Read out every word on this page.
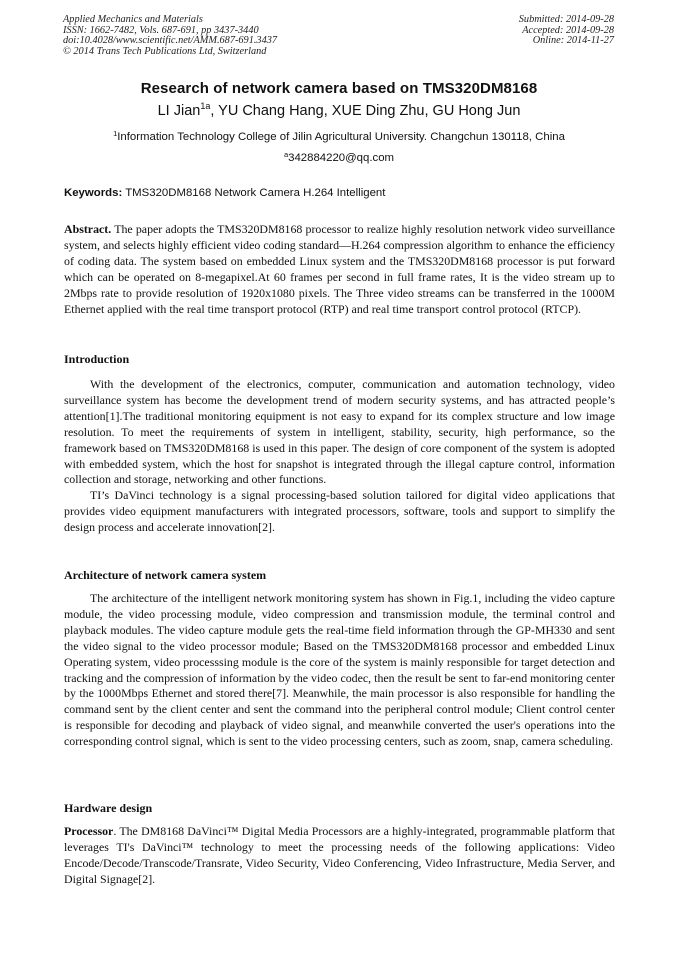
Applied Mechanics and Materials
ISSN: 1662-7482, Vols. 687-691, pp 3437-3440
doi:10.4028/www.scientific.net/AMM.687-691.3437
© 2014 Trans Tech Publications Ltd, Switzerland
Submitted: 2014-09-28
Accepted: 2014-09-28
Online: 2014-11-27
Research of network camera based on TMS320DM8168
LI Jian$^{1a}$, YU Chang Hang, XUE Ding Zhu, GU Hong Jun
$^1$Information Technology College of Jilin Agricultural University. Changchun 130118, China
$^a$342884220@qq.com
Keywords: TMS320DM8168 Network Camera H.264 Intelligent

Abstract. The paper adopts the TMS320DM8168 processor to realize highly resolution network video surveillance system, and selects highly efficient video coding standard—H.264 compression algorithm to enhance the efficiency of coding data. The system based on embedded Linux system and the TMS320DM8168 processor is put forward which can be operated on 8-megapixel.At 60 frames per second in full frame rates, It is the video stream up to 2Mbps rate to provide resolution of 1920x1080 pixels. The Three video streams can be transferred in the 1000M Ethernet applied with the real time transport protocol (RTP) and real time transport control protocol (RTCP).

Introduction

With the development of the electronics, computer, communication and automation technology, video surveillance system has become the development trend of modern security systems, and has attracted people’s attention[1].The traditional monitoring equipment is not easy to expand for its complex structure and low image resolution. To meet the requirements of system in intelligent, stability, security, high performance, so the framework based on TMS320DM8168 is used in this paper. The design of core component of the system is adopted with embedded system, which the host for snapshot is integrated through the illegal capture control, information collection and storage, networking and other functions.

TI’s DaVinci technology is a signal processing-based solution tailored for digital video applications that provides video equipment manufacturers with integrated processors, software, tools and support to simplify the design process and accelerate innovation[2].

Architecture of network camera system

The architecture of the intelligent network monitoring system has shown in Fig.1, including the video capture module, the video processing module, video compression and transmission module, the terminal control and playback modules. The video capture module gets the real-time field information through the GP-MH330 and sent the video signal to the video processor module; Based on the TMS320DM8168 processor and embedded Linux Operating system, video processsing module is the core of the system is mainly responsible for target detection and tracking and the compression of information by the video codec, then the result be sent to far-end monitoring center by the 1000Mbps Ethernet and stored there[7]. Meanwhile, the main processor is also responsible for handling the command sent by the client center and sent the command into the peripheral control module; Client control center is responsible for decoding and playback of video signal, and meanwhile converted the user's operations into the corresponding control signal, which is sent to the video processing centers, such as zoom, snap, camera scheduling.

Hardware design

Processor. The DM8168 DaVinci™ Digital Media Processors are a highly-integrated, programmable platform that leverages TI's DaVinci™ technology to meet the processing needs of the following applications: Video Encode/Decode/Transcode/Transrate, Video Security, Video Conferencing, Video Infrastructure, Media Server, and Digital Signage[2].
